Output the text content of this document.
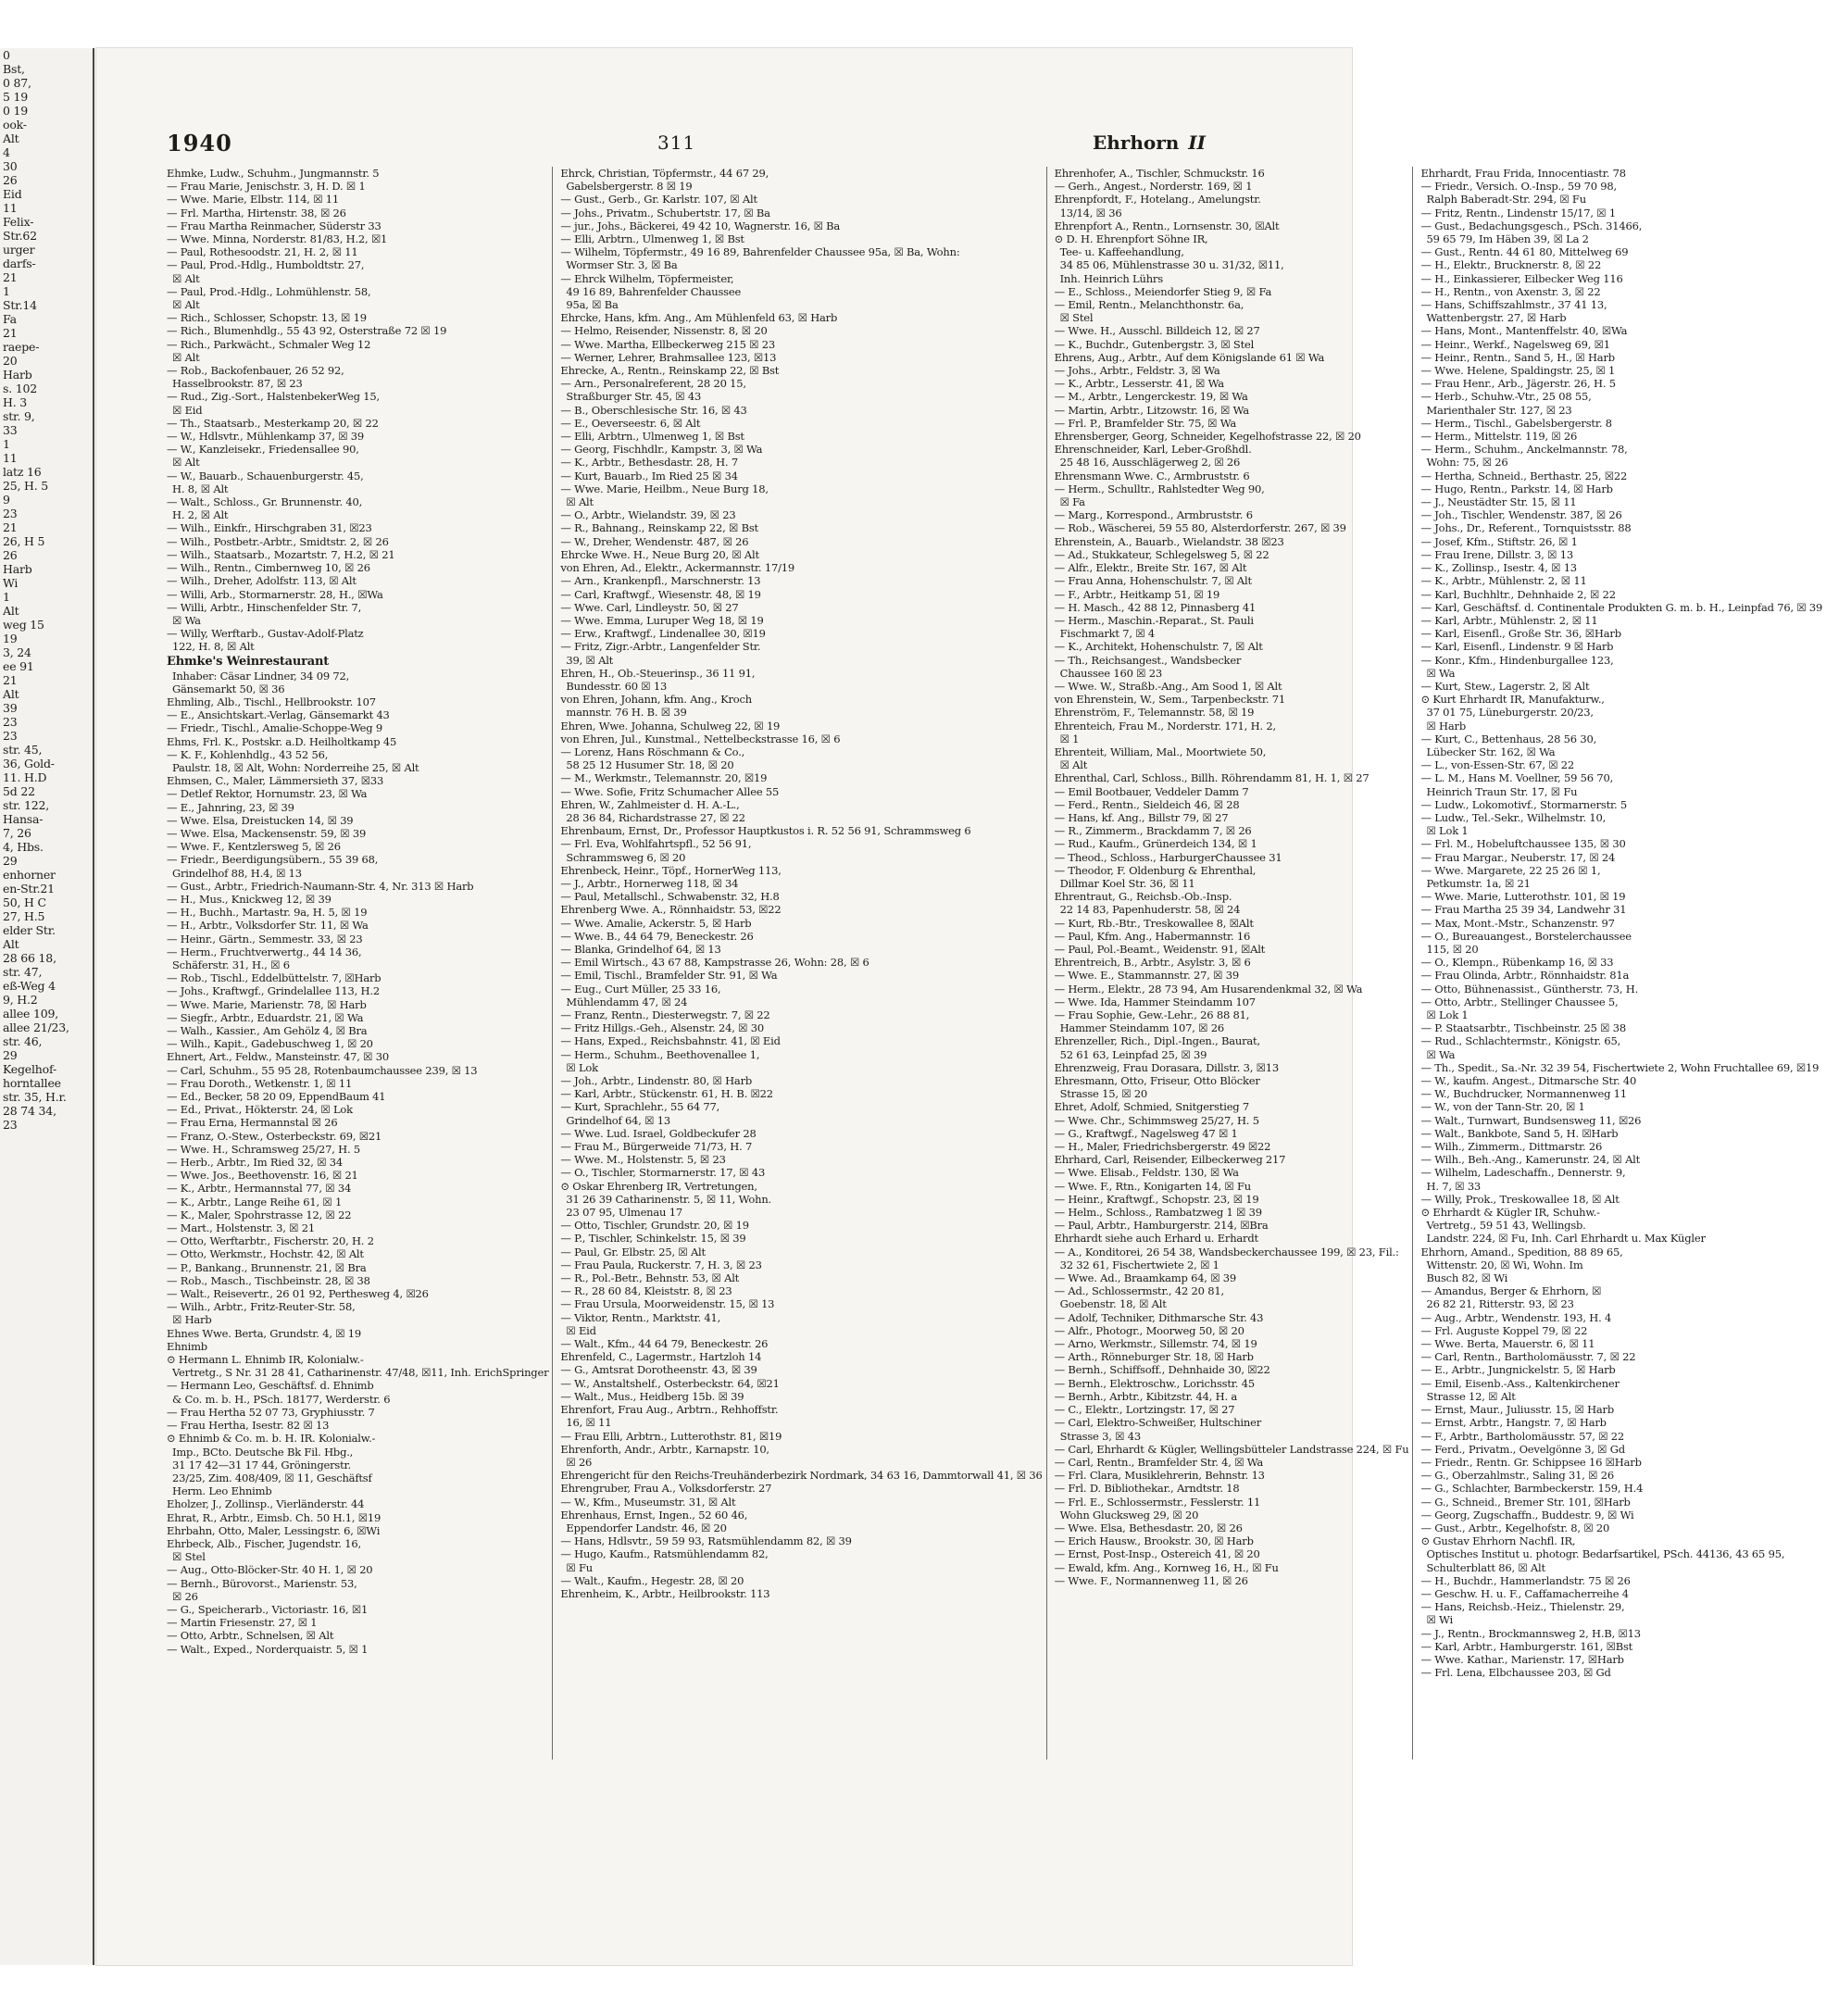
0
Bst,
0 87,
5 19
0 19
ook-
Alt
4
30
26
Eid
11
Felix-
Str.62
urger
darfs-
21
1
Str.14
Fa
21
raepe-
20
Harb
s. 102
H. 3
str. 9,
33
1
11
latz 16
25, H. 5
9
23
21
26, H 5
26
Harb
Wi
1
Alt
weg 15
19
3, 24
ee 91
21
Alt
39
23
23
str. 45,
36, Gold-
11. H.D
5d 22
str. 122,
Hansa-
7, 26
4, Hbs.
29
enhorner
en-Str.21
50, H C
27, H.5
elder Str.
Alt
28 66 18,
str. 47,
eß-Weg 4
9, H.2
allee 109,
allee 21/23,
str. 46,
29
Kegelhof-
horntallee
str. 35, H.r.
28 74 34,
23
1940	311	Ehrhorn II
Ehmke, Ludw., Schuhm., Jungmannstr. 5
— Frau Marie, Jenischstr. 3, H. D. ☒ 1
— Wwe. Marie, Elbstr. 114, ☒ 11
— Frl. Martha, Hirtenstr. 38, ☒ 26
— Frau Martha Reinmacher, Süderstr 33
— Wwe. Minna, Norderstr. 81/83, H.2, ☒1
— Paul, Rothesoodstr. 21, H. 2, ☒ 11
— Paul, Prod.-Hdlg., Humboldtstr. 27,
☒ Alt
— Paul, Prod.-Hdlg., Lohmühlenstr. 58,
☒ Alt
— Rich., Schlosser, Schopstr. 13, ☒ 19
— Rich., Blumenhdlg., 55 43 92, Osterstraße 72 ☒ 19
— Rich., Parkwächt., Schmaler Weg 12
☒ Alt
— Rob., Backofenbauer, 26 52 92,
Hasselbrookstr. 87, ☒ 23
— Rud., Zig.-Sort., HalstenbekerWeg 15,
☒ Eid
— Th., Staatsarb., Mesterkamp 20, ☒ 22
— W., Hdlsvtr., Mühlenkamp 37, ☒ 39
— W., Kanzleisekr., Friedensallee 90,
☒ Alt
— W., Bauarb., Schauenburgerstr. 45,
H. 8, ☒ Alt
— Walt., Schloss., Gr. Brunnenstr. 40,
H. 2, ☒ Alt
— Wilh., Einkfr., Hirschgraben 31, ☒23
— Wilh., Postbetr.-Arbtr., Smidtstr. 2, ☒ 26
— Wilh., Staatsarb., Mozartstr. 7, H.2, ☒ 21
— Wilh., Rentn., Cimbernweg 10, ☒ 26
— Wilh., Dreher, Adolfstr. 113, ☒ Alt
— Willi, Arb., Stormarnerstr. 28, H., ☒Wa
— Willi, Arbtr., Hinschenfelder Str. 7,
☒ Wa
— Willy, Werftarb., Gustav-Adolf-Platz
122, H. 8, ☒ Alt
Ehmke's Weinrestaurant
Inhaber: Cäsar Lindner, 34 09 72,
Gänsemarkt 50, ☒ 36
Ehmling, Alb., Tischl., Hellbrookstr. 107
— E., Ansichtskart.-Verlag, Gänsemarkt 43
— Friedr., Tischl., Amalie-Schoppe-Weg 9
Ehms, Frl. K., Postskr. a.D. Heilholtkamp 45
— K. F., Kohlenhdlg., 43 52 56,
Paulstr. 18, ☒ Alt, Wohn: Norderreihe 25, ☒ Alt
Ehmsen, C., Maler, Lämmersieth 37, ☒33
— Detlef Rektor, Hornumstr. 23, ☒ Wa
— E., Jahnring, 23, ☒ 39
— Wwe. Elsa, Dreistucken 14, ☒ 39
— Wwe. Elsa, Mackensenstr. 59, ☒ 39
— Wwe. F., Kentzlersweg 5, ☒ 26
— Friedr., Beerdigungsübern., 55 39 68,
Grindelhof 88, H.4, ☒ 13
— Gust., Arbtr., Friedrich-Naumann-Str. 4, Nr. 313 ☒ Harb
— H., Mus., Knickweg 12, ☒ 39
— H., Buchh., Martastr. 9a, H. 5, ☒ 19
— H., Arbtr., Volksdorfer Str. 11, ☒ Wa
— Heinr., Gärtn., Semmestr. 33, ☒ 23
— Herm., Fruchtverwertg., 44 14 36,
Schäferstr. 31, H., ☒ 6
— Rob., Tischl., Eddelbüttelstr. 7, ☒Harb
— Johs., Kraftwgf., Grindelallee 113, H.2
— Wwe. Marie, Marienstr. 78, ☒ Harb
— Siegfr., Arbtr., Eduardstr. 21, ☒ Wa
— Walh., Kassier., Am Gehölz 4, ☒ Bra
— Wilh., Kapit., Gadebuschweg 1, ☒ 20
Ehnert, Art., Feldw., Mansteinstr. 47, ☒ 30
— Carl, Schuhm., 55 95 28, Rotenbaumchaussee 239, ☒ 13
— Frau Doroth., Wetkenstr. 1, ☒ 11
— Ed., Becker, 58 20 09, EppendBaum 41
— Ed., Privat., Hökterstr. 24, ☒ Lok
— Frau Erna, Hermannstal ☒ 26
— Franz, O.-Stew., Osterbeckstr. 69, ☒21
— Wwe. H., Schramsweg 25/27, H. 5
— Herb., Arbtr., Im Ried 32, ☒ 34
— Wwe. Jos., Beethovenstr. 16, ☒ 21
— K., Arbtr., Hermannstal 77, ☒ 34
— K., Arbtr., Lange Reihe 61, ☒ 1
— K., Maler, Spohrstrasse 12, ☒ 22
— Mart., Holstenstr. 3, ☒ 21
— Otto, Werftarbtr., Fischerstr. 20, H. 2
— Otto, Werkmstr., Hochstr. 42, ☒ Alt
— P., Bankang., Brunnenstr. 21, ☒ Bra
— Rob., Masch., Tischbeinstr. 28, ☒ 38
— Walt., Reisevertr., 26 01 92, Perthesweg 4, ☒26
— Wilh., Arbtr., Fritz-Reuter-Str. 58,
☒ Harb
Ehnes Wwe. Berta, Grundstr. 4, ☒ 19
Ehnimb
⊙ Hermann L. Ehnimb IR, Kolonialw.-
Vertretg., S Nr. 31 28 41, Catharinenstr. 47/48, ☒11, Inh. ErichSpringer
— Hermann Leo, Geschäftsf. d. Ehnimb
& Co. m. b. H., PSch. 18177, Werderstr. 6
— Frau Hertha 52 07 73, Gryphiusstr. 7
— Frau Hertha, Isestr. 82 ☒ 13
⊙ Ehnimb & Co. m. b. H. IR. Kolonialw.-
Imp., BCto. Deutsche Bk Fil. Hbg.,
31 17 42—31 17 44, Gröningerstr.
23/25, Zim. 408/409, ☒ 11, Geschäftsf
Herm. Leo Ehnimb
Eholzer, J., Zollinsp., Vierländerstr. 44
Ehrat, R., Arbtr., Eimsb. Ch. 50 H.1, ☒19
Ehrbahn, Otto, Maler, Lessingstr. 6, ☒Wi
Ehrbeck, Alb., Fischer, Jugendstr. 16,
☒ Stel
— Aug., Otto-Blöcker-Str. 40 H. 1, ☒ 20
— Bernh., Bürovorst., Marienstr. 53,
☒ 26
— G., Speicherarb., Victoriastr. 16, ☒1
— Martin Friesenstr. 27, ☒ 1
— Otto, Arbtr., Schnelsen, ☒ Alt
— Walt., Exped., Norderquaistr. 5, ☒ 1
Ehrck, Christian, Töpfermstr., 44 67 29,
Gabelsbergerstr. 8 ☒ 19
— Gust., Gerb., Gr. Karlstr. 107, ☒ Alt
— Johs., Privatm., Schubertstr. 17, ☒ Ba
— jur., Johs., Bäckerei, 49 42 10, Wagnerstr. 16, ☒ Ba
— Elli, Arbtrn., Ulmenweg 1, ☒ Bst
— Wilhelm, Töpfermstr., 49 16 89, Bahrenfelder Chaussee 95a, ☒ Ba, Wohn:
Wormser Str. 3, ☒ Ba
— Ehrck Wilhelm, Töpfermeister,
49 16 89, Bahrenfelder Chaussee
95a, ☒ Ba
Ehrcke, Hans, kfm. Ang., Am Mühlenfeld 63, ☒ Harb
— Helmo, Reisender, Nissenstr. 8, ☒ 20
— Wwe. Martha, Ellbeckerweg 215 ☒ 23
— Werner, Lehrer, Brahmsallee 123, ☒13
Ehrecke, A., Rentn., Reinskamp 22, ☒ Bst
— Arn., Personalreferent, 28 20 15,
Straßburger Str. 45, ☒ 43
— B., Oberschlesische Str. 16, ☒ 43
— E., Oeverseestr. 6, ☒ Alt
— Elli, Arbtrn., Ulmenweg 1, ☒ Bst
— Georg, Fischhdlr., Kampstr. 3, ☒ Wa
— K., Arbtr., Bethesdastr. 28, H. 7
— Kurt, Bauarb., Im Ried 25 ☒ 34
— Wwe. Marie, Heilbm., Neue Burg 18,
☒ Alt
— O., Arbtr., Wielandstr. 39, ☒ 23
— R., Bahnang., Reinskamp 22, ☒ Bst
— W., Dreher, Wendenstr. 487, ☒ 26
Ehrcke Wwe. H., Neue Burg 20, ☒ Alt
von Ehren, Ad., Elektr., Ackermannstr. 17/19
— Arn., Krankenpfl., Marschnerstr. 13
— Carl, Kraftwgf., Wiesenstr. 48, ☒ 19
— Wwe. Carl, Lindleystr. 50, ☒ 27
— Wwe. Emma, Luruper Weg 18, ☒ 19
— Erw., Kraftwgf., Lindenallee 30, ☒19
— Fritz, Zigr.-Arbtr., Langenfelder Str.
39, ☒ Alt
Ehren, H., Ob.-Steuerinsp., 36 11 91,
Bundesstr. 60 ☒ 13
von Ehren, Johann, kfm. Ang., Kroch
mannstr. 76 H. B. ☒ 39
Ehren, Wwe. Johanna, Schulweg 22, ☒ 19
von Ehren, Jul., Kunstmal., Nettelbeckstrasse 16, ☒ 6
— Lorenz, Hans Röschmann & Co.,
58 25 12 Husumer Str. 18, ☒ 20
— M., Werkmstr., Telemannstr. 20, ☒19
— Wwe. Sofie, Fritz Schumacher Allee 55
Ehren, W., Zahlmeister d. H. A.-L.,
28 36 84, Richardstrasse 27, ☒ 22
Ehrenbaum, Ernst, Dr., Professor Hauptkustos i. R. 52 56 91, Schrammsweg 6
— Frl. Eva, Wohlfahrtspfl., 52 56 91,
Schrammsweg 6, ☒ 20
Ehrenbeck, Heinr., Töpf., HornerWeg 113,
— J., Arbtr., Hornerweg 118, ☒ 34
— Paul, Metallschl., Schwabenstr. 32, H.8
Ehrenberg Wwe. A., Rönnhaidstr. 53, ☒22
— Wwe. Amalie, Ackerstr. 5, ☒ Harb
— Wwe. B., 44 64 79, Beneckestr. 26
— Blanka, Grindelhof 64, ☒ 13
— Emil Wirtsch., 43 67 88, Kampstrasse 26, Wohn: 28, ☒ 6
— Emil, Tischl., Bramfelder Str. 91, ☒ Wa
— Eug., Curt Müller, 25 33 16,
Mühlendamm 47, ☒ 24
— Franz, Rentn., Diesterwegstr. 7, ☒ 22
— Fritz Hillgs.-Geh., Alsenstr. 24, ☒ 30
— Hans, Exped., Reichsbahnstr. 41, ☒ Eid
— Herm., Schuhm., Beethovenallee 1,
☒ Lok
— Joh., Arbtr., Lindenstr. 80, ☒ Harb
— Karl, Arbtr., Stückenstr. 61, H. B. ☒22
— Kurt, Sprachlehr., 55 64 77,
Grindelhof 64, ☒ 13
— Wwe. Lud. Israel, Goldbeckufer 28
— Frau M., Bürgerweide 71/73, H. 7
— Wwe. M., Holstenstr. 5, ☒ 23
— O., Tischler, Stormarnerstr. 17, ☒ 43
⊙ Oskar Ehrenberg IR, Vertretungen,
31 26 39 Catharinenstr. 5, ☒ 11, Wohn.
23 07 95, Ulmenau 17
— Otto, Tischler, Grundstr. 20, ☒ 19
— P., Tischler, Schinkelstr. 15, ☒ 39
— Paul, Gr. Elbstr. 25, ☒ Alt
— Frau Paula, Ruckerstr. 7, H. 3, ☒ 23
— R., Pol.-Betr., Behnstr. 53, ☒ Alt
— R., 28 60 84, Kleiststr. 8, ☒ 23
— Frau Ursula, Moorweidenstr. 15, ☒ 13
— Viktor, Rentn., Marktstr. 41,
☒ Eid
— Walt., Kfm., 44 64 79, Beneckestr. 26
Ehrenfeld, C., Lagermstr., Hartzloh 14
— G., Amtsrat Dorotheenstr. 43, ☒ 39
— W., Anstaltshelf., Osterbeckstr. 64, ☒21
— Walt., Mus., Heidberg 15b. ☒ 39
Ehrenfort, Frau Aug., Arbtrn., Rehhoffstr.
16, ☒ 11
— Frau Elli, Arbtrn., Lutterothstr. 81, ☒19
Ehrenforth, Andr., Arbtr., Karnapstr. 10,
☒ 26
Ehrengericht für den Reichs-Treuhänderbezirk Nordmark, 34 63 16, Dammtorwall 41, ☒ 36
Ehrengruber, Frau A., Volksdorferstr. 27
— W., Kfm., Museumstr. 31, ☒ Alt
Ehrenhaus, Ernst, Ingen., 52 60 46,
Eppendorfer Landstr. 46, ☒ 20
— Hans, Hdlsvtr., 59 59 93, Ratsmühlendamm 82, ☒ 39
— Hugo, Kaufm., Ratsmühlendamm 82,
☒ Fu
— Walt., Kaufm., Hegestr. 28, ☒ 20
Ehrenheim, K., Arbtr., Heilbrookstr. 113
Ehrenhofer, A., Tischler, Schmuckstr. 16
— Gerh., Angest., Norderstr. 169, ☒ 1
Ehrenpfordt, F., Hotelang., Amelungstr.
13/14, ☒ 36
Ehrenpfort A., Rentn., Lornsenstr. 30, ☒Alt
⊙ D. H. Ehrenpfort Söhne IR,
Tee- u. Kaffeehandlung,
34 85 06, Mühlenstrasse 30 u. 31/32, ☒11,
Inh. Heinrich Lührs
— E., Schloss., Meiendorfer Stieg 9, ☒ Fa
— Emil, Rentn., Melanchthonstr. 6a,
☒ Stel
— Wwe. H., Ausschl. Billdeich 12, ☒ 27
— K., Buchdr., Gutenbergstr. 3, ☒ Stel
Ehrens, Aug., Arbtr., Auf dem Königslande 61 ☒ Wa
— Johs., Arbtr., Feldstr. 3, ☒ Wa
— K., Arbtr., Lesserstr. 41, ☒ Wa
— M., Arbtr., Lengerckestr. 19, ☒ Wa
— Martin, Arbtr., Litzowstr. 16, ☒ Wa
— Frl. P., Bramfelder Str. 75, ☒ Wa
Ehrensberger, Georg, Schneider, Kegelhofstrasse 22, ☒ 20
Ehrenschneider, Karl, Leber-Großhdl.
25 48 16, Ausschlägerweg 2, ☒ 26
Ehrensmann Wwe. C., Armbruststr. 6
— Herm., Schulltr., Rahlstedter Weg 90,
☒ Fa
— Marg., Korrespond., Armbruststr. 6
— Rob., Wäscherei, 59 55 80, Alsterdorferstr. 267, ☒ 39
Ehrenstein, A., Bauarb., Wielandstr. 38 ☒23
— Ad., Stukkateur, Schlegelsweg 5, ☒ 22
— Alfr., Elektr., Breite Str. 167, ☒ Alt
— Frau Anna, Hohenschulstr. 7, ☒ Alt
— F., Arbtr., Heitkamp 51, ☒ 19
— H. Masch., 42 88 12, Pinnasberg 41
— Herm., Maschin.-Reparat., St. Pauli
Fischmarkt 7, ☒ 4
— K., Architekt, Hohenschulstr. 7, ☒ Alt
— Th., Reichsangest., Wandsbecker
Chaussee 160 ☒ 23
— Wwe. W., Straßb.-Ang., Am Sood 1, ☒ Alt
von Ehrenstein, W., Sem., Tarpenbeckstr. 71
Ehrenström, F., Telemannstr. 58, ☒ 19
Ehrenteich, Frau M., Norderstr. 171, H. 2,
☒ 1
Ehrenteit, William, Mal., Moortwiete 50,
☒ Alt
Ehrenthal, Carl, Schloss., Billh. Röhrendamm 81, H. 1, ☒ 27
— Emil Bootbauer, Veddeler Damm 7
— Ferd., Rentn., Sieldeich 46, ☒ 28
— Hans, kf. Ang., Billstr 79, ☒ 27
— R., Zimmerm., Brackdamm 7, ☒ 26
— Rud., Kaufm., Grünerdeich 134, ☒ 1
— Theod., Schloss., HarburgerChaussee 31
— Theodor, F. Oldenburg & Ehrenthal,
Dillmar Koel Str. 36, ☒ 11
Ehrentraut, G., Reichsb.-Ob.-Insp.
22 14 83, Papenhuderstr. 58, ☒ 24
— Kurt, Rb.-Btr., Treskowallee 8, ☒Alt
— Paul, Kfm. Ang., Habermannstr. 16
— Paul, Pol.-Beamt., Weidenstr. 91, ☒Alt
Ehrentreich, B., Arbtr., Asylstr. 3, ☒ 6
— Wwe. E., Stammannstr. 27, ☒ 39
— Herm., Elektr., 28 73 94, Am Husarendenkmal 32, ☒ Wa
— Wwe. Ida, Hammer Steindamm 107
— Frau Sophie, Gew.-Lehr., 26 88 81,
Hammer Steindamm 107, ☒ 26
Ehrenzeller, Rich., Dipl.-Ingen., Baurat,
52 61 63, Leinpfad 25, ☒ 39
Ehrenzweig, Frau Dorasara, Dillstr. 3, ☒13
Ehresmann, Otto, Friseur, Otto Blöcker
Strasse 15, ☒ 20
Ehret, Adolf, Schmied, Snitgerstieg 7
— Wwe. Chr., Schimmsweg 25/27, H. 5
— G., Kraftwgf., Nagelsweg 47 ☒ 1
— H., Maler, Friedrichsbergerstr. 49 ☒22
Ehrhard, Carl, Reisender, Eilbeckerweg 217
— Wwe. Elisab., Feldstr. 130, ☒ Wa
— Wwe. F., Rtn., Konigarten 14, ☒ Fu
— Heinr., Kraftwgf., Schopstr. 23, ☒ 19
— Helm., Schloss., Rambatzweg 1 ☒ 39
— Paul, Arbtr., Hamburgerstr. 214, ☒Bra
Ehrhardt siehe auch Erhard u. Erhardt
— A., Konditorei, 26 54 38, Wandsbeckerchaussee 199, ☒ 23, Fil.:
32 32 61, Fischertwiete 2, ☒ 1
— Wwe. Ad., Braamkamp 64, ☒ 39
— Ad., Schlossermstr., 42 20 81,
Goebenstr. 18, ☒ Alt
— Adolf, Techniker, Dithmarsche Str. 43
— Alfr., Photogr., Moorweg 50, ☒ 20
— Arno, Werkmstr., Sillemstr. 74, ☒ 19
— Arth., Rönneburger Str. 18, ☒ Harb
— Bernh., Schiffsoff., Dehnhaide 30, ☒22
— Bernh., Elektroschw., Lorichsstr. 45
— Bernh., Arbtr., Kibitzstr. 44, H. a
— C., Elektr., Lortzingstr. 17, ☒ 27
— Carl, Elektro-Schweißer, Hultschiner
Strasse 3, ☒ 43
— Carl, Ehrhardt & Kügler, Wellingsbütteler Landstrasse 224, ☒ Fu
— Carl, Rentn., Bramfelder Str. 4, ☒ Wa
— Frl. Clara, Musiklehrerin, Behnstr. 13
— Frl. D. Bibliothekar., Arndtstr. 18
— Frl. E., Schlossermstr., Fesslerstr. 11
Wohn Glucksweg 29, ☒ 20
— Wwe. Elsa, Bethesdastr. 20, ☒ 26
— Erich Hausw., Brookstr. 30, ☒ Harb
— Ernst, Post-Insp., Ostereich 41, ☒ 20
— Ewald, kfm. Ang., Kornweg 16, H., ☒ Fu
— Wwe. F., Normannenweg 11, ☒ 26
Ehrhardt, Frau Frida, Innocentiastr. 78
— Friedr., Versich. O.-Insp., 59 70 98,
Ralph Baberadt-Str. 294, ☒ Fu
— Fritz, Rentn., Lindenstr 15/17, ☒ 1
— Gust., Bedachungsgesch., PSch. 31466,
59 65 79, Im Häben 39, ☒ La 2
— Gust., Rentn. 44 61 80, Mittelweg 69
— H., Elektr., Brucknerstr. 8, ☒ 22
— H., Einkassierer, Eilbecker Weg 116
— H., Rentn., von Axenstr. 3, ☒ 22
— Hans, Schiffszahlmstr., 37 41 13,
Wattenbergstr. 27, ☒ Harb
— Hans, Mont., Mantenffelstr. 40, ☒Wa
— Heinr., Werkf., Nagelsweg 69, ☒1
— Heinr., Rentn., Sand 5, H., ☒ Harb
— Wwe. Helene, Spaldingstr. 25, ☒ 1
— Frau Henr., Arb., Jägerstr. 26, H. 5
— Herb., Schuhw.-Vtr., 25 08 55,
Marienthaler Str. 127, ☒ 23
— Herm., Tischl., Gabelsbergerstr. 8
— Herm., Mittelstr. 119, ☒ 26
— Herm., Schuhm., Anckelmannstr. 78,
Wohn: 75, ☒ 26
— Hertha, Schneid., Berthastr. 25, ☒22
— Hugo, Rentn., Parkstr. 14, ☒ Harb
— J., Neustädter Str. 15, ☒ 11
— Joh., Tischler, Wendenstr. 387, ☒ 26
— Johs., Dr., Referent., Tornquistsstr. 88
— Josef, Kfm., Stiftstr. 26, ☒ 1
— Frau Irene, Dillstr. 3, ☒ 13
— K., Zollinsp., Isestr. 4, ☒ 13
— K., Arbtr., Mühlenstr. 2, ☒ 11
— Karl, Buchhltr., Dehnhaide 2, ☒ 22
— Karl, Geschäftsf. d. Continentale Produkten G. m. b. H., Leinpfad 76, ☒ 39
— Karl, Arbtr., Mühlenstr. 2, ☒ 11
— Karl, Eisenfl., Große Str. 36, ☒Harb
— Karl, Eisenfl., Lindenstr. 9 ☒ Harb
— Konr., Kfm., Hindenburgallee 123,
☒ Wa
— Kurt, Stew., Lagerstr. 2, ☒ Alt
⊙ Kurt Ehrhardt IR, Manufakturw.,
37 01 75, Lüneburgerstr. 20/23,
☒ Harb
— Kurt, C., Bettenhaus, 28 56 30,
Lübecker Str. 162, ☒ Wa
— L., von-Essen-Str. 67, ☒ 22
— L. M., Hans M. Voellner, 59 56 70,
Heinrich Traun Str. 17, ☒ Fu
— Ludw., Lokomotivf., Stormarnerstr. 5
— Ludw., Tel.-Sekr., Wilhelmstr. 10,
☒ Lok 1
— Frl. M., Hobeluftchaussee 135, ☒ 30
— Frau Margar., Neuberstr. 17, ☒ 24
— Wwe. Margarete, 22 25 26 ☒ 1,
Petkumstr. 1a, ☒ 21
— Wwe. Marie, Lutterothstr. 101, ☒ 19
— Frau Martha 25 39 34, Landwehr 31
— Max, Mont.-Mstr., Schanzenstr. 97
— O., Bureauangest., Borstelerchaussee
115, ☒ 20
— O., Klempn., Rübenkamp 16, ☒ 33
— Frau Olinda, Arbtr., Rönnhaidstr. 81a
— Otto, Bühnenassist., Güntherstr. 73, H.
— Otto, Arbtr., Stellinger Chaussee 5,
☒ Lok 1
— P. Staatsarbtr., Tischbeinstr. 25 ☒ 38
— Rud., Schlachtermstr., Königstr. 65,
☒ Wa
— Th., Spedit., Sa.-Nr. 32 39 54, Fischertwiete 2, Wohn Fruchtallee 69, ☒19
— W., kaufm. Angest., Ditmarsche Str. 40
— W., Buchdrucker, Normannenweg 11
— W., von der Tann-Str. 20, ☒ 1
— Walt., Turnwart, Bundsensweg 11, ☒26
— Walt., Bankbote, Sand 5, H. ☒Harb
— Wilh., Zimmerm., Dittmarstr. 26
— Wilh., Beh.-Ang., Kamerunstr. 24, ☒ Alt
— Wilhelm, Ladeschaffn., Dennerstr. 9,
H. 7, ☒ 33
— Willy, Prok., Treskowallee 18, ☒ Alt
⊙ Ehrhardt & Kügler IR, Schuhw.-
Vertretg., 59 51 43, Wellingsb.
Landstr. 224, ☒ Fu, Inh. Carl Ehrhardt u. Max Kügler
Ehrhorn, Amand., Spedition, 88 89 65,
Wittenstr. 20, ☒ Wi, Wohn. Im
Busch 82, ☒ Wi
— Amandus, Berger & Ehrhorn, ☒
26 82 21, Ritterstr. 93, ☒ 23
— Aug., Arbtr., Wendenstr. 193, H. 4
— Frl. Auguste Koppel 79, ☒ 22
— Wwe. Berta, Mauerstr. 6, ☒ 11
— Carl, Rentn., Bartholomäusstr. 7, ☒ 22
— E., Arbtr., Jungnickelstr. 5, ☒ Harb
— Emil, Eisenb.-Ass., Kaltenkirchener
Strasse 12, ☒ Alt
— Ernst, Maur., Juliusstr. 15, ☒ Harb
— Ernst, Arbtr., Hangstr. 7, ☒ Harb
— F., Arbtr., Bartholomäusstr. 57, ☒ 22
— Ferd., Privatm., Oevelgönne 3, ☒ Gd
— Friedr., Rentn. Gr. Schippsee 16 ☒Harb
— G., Oberzahlmstr., Saling 31, ☒ 26
— G., Schlachter, Barmbeckerstr. 159, H.4
— G., Schneid., Bremer Str. 101, ☒Harb
— Georg, Zugschaffn., Buddestr. 9, ☒ Wi
— Gust., Arbtr., Kegelhofstr. 8, ☒ 20
⊙ Gustav Ehrhorn Nachfl. IR,
Optisches Institut u. photogr. Bedarfsartikel, PSch. 44136, 43 65 95,
Schulterblatt 86, ☒ Alt
— H., Buchdr., Hammerlandstr. 75 ☒ 26
— Geschw. H. u. F., Caffamacherreihe 4
— Hans, Reichsb.-Heiz., Thielenstr. 29,
☒ Wi
— J., Rentn., Brockmannsweg 2, H.B, ☒13
— Karl, Arbtr., Hamburgerstr. 161, ☒Bst
— Wwe. Kathar., Marienstr. 17, ☒Harb
— Frl. Lena, Elbchaussee 203, ☒ Gd
